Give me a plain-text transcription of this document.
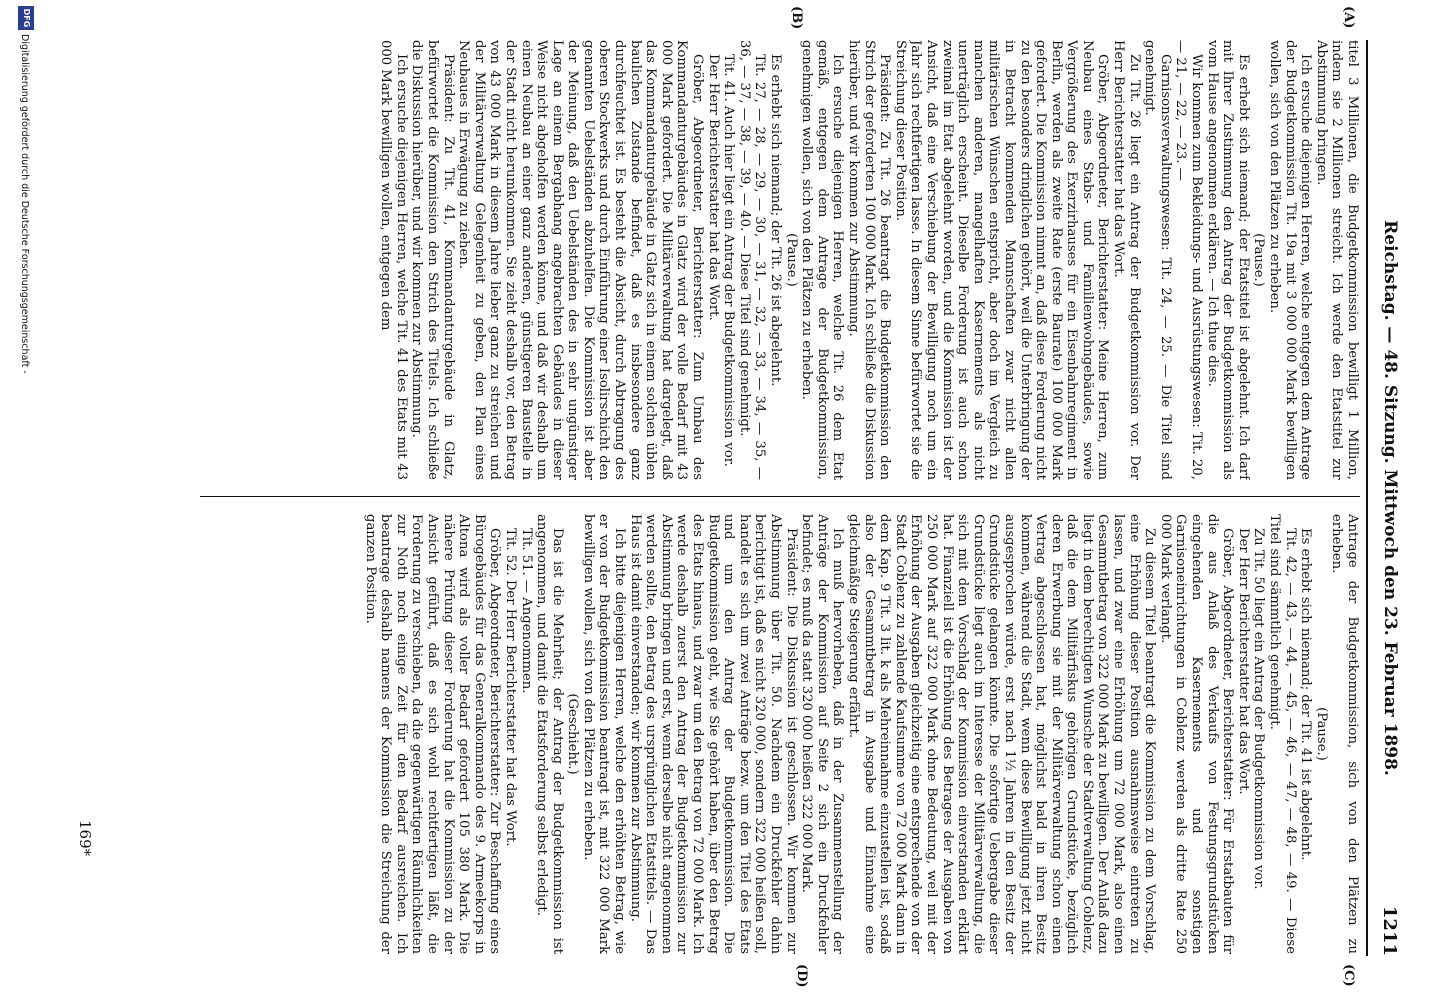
Reichstag. — 48. Sitzung. Mittwoch den 23. Februar 1898.
1211
(A)
(B)
(C)
(D)

titel 3 Millionen, die Budgetkommission bewilligt 1 Million, indem sie 2 Millionen streicht. Ich werde den Etatstitel zur Abstimmung bringen.

Ich ersuche diejenigen Herren, welche entgegen dem Antrage der Budgetkommission Tit. 19a mit 3 000 000 Mark bewilligen wollen, sich von den Plätzen zu erheben.

(Pause.)

Es erhebt sich niemand; der Etatstitel ist abgelehnt. Ich darf mit Ihrer Zustimmung den Antrag der Budgetkommission als vom Hause angenommen erklären. — Ich thue dies.

Wir kommen zum Bekleidungs- und Ausrüstungswesen: Tit. 20, — 21, — 22, — 23. —

Garnisonsverwaltungswesen: Tit. 24, — 25. — Die Titel sind genehmigt.

Zu Tit. 26 liegt ein Antrag der Budgetkommission vor. Der Herr Berichterstatter hat das Wort.

Gröber, Abgeordneter, Berichterstatter: Meine Herren, zum Neubau eines Stabs- und Familienwohngebäudes, sowie Vergrößerung des Exerzirhauses für ein Eisenbahnregiment in Berlin, werden als zweite Rate (erste Baurate) 100 000 Mark gefordert. Die Kommission nimmt an, daß diese Forderung nicht zu den besonders dringlichen gehört, weil die Unterbringung der in Betracht kommenden Mannschaften zwar nicht allen militärischen Wünschen entspricht, aber doch im Vergleich zu manchen anderen, mangelhaften Kasernements als nicht unerträglich erscheint. Dieselbe Forderung ist auch schon zweimal im Etat abgelehnt worden, und die Kommission ist der Ansicht, daß eine Verschiebung der Bewilligung noch um ein Jahr sich rechtfertigen lasse. In diesem Sinne befürwortet sie die Streichung dieser Position.

Präsident: Zu Tit. 26 beantragt die Budgetkommission den Strich der geforderten 100 000 Mark. Ich schließe die Diskussion hierüber, und wir kommen zur Abstimmung.

Ich ersuche diejenigen Herren, welche Tit. 26 dem Etat gemäß, entgegen dem Antrage der Budgetkommission, genehmigen wollen, sich von den Plätzen zu erheben.

(Pause.)

Es erhebt sich niemand; der Tit. 26 ist abgelehnt.

Tit. 27, — 28, — 29, — 30, — 31, — 32, — 33, — 34, — 35, — 36, — 37, — 38, — 39, — 40. — Diese Titel sind genehmigt.

Tit. 41. Auch hier liegt ein Antrag der Budgetkommission vor.

Der Herr Berichterstatter hat das Wort.

Gröber, Abgeordneter, Berichterstatter: Zum Umbau des Kommandanturgebäudes in Glatz wird der volle Bedarf mit 43 000 Mark gefordert. Die Militärverwaltung hat dargelegt, daß das Kommandanturgebäude in Glatz sich in einem solchen üblen baulichen Zustande befindet, daß es insbesondere ganz durchfeuchtet ist. Es besteht die Absicht, durch Abtragung des oberen Stockwerks und durch Einführung einer Isolirschicht den genannten Uebelständen abzuhelfen. Die Kommission ist aber der Meinung, daß den Uebelständen des in sehr ungünstiger Lage an einem Bergabhang angebrachten Gebäudes in dieser Weise nicht abgeholfen werden könne, und daß wir deshalb um einen Neubau an einer ganz anderen, günstigeren Baustelle in der Stadt nicht herumkommen. Sie zieht deshalb vor, den Betrag von 43 000 Mark in diesem Jahre lieber ganz zu streichen und der Militärverwaltung Gelegenheit zu geben, den Plan eines Neubaues in Erwägung zu ziehen.

Präsident: Zu Tit. 41, Kommandanturgebäude in Glatz, befürwortet die Kommission den Strich des Titels. Ich schließe die Diskussion hierüber, und wir kommen zur Abstimmung.

Ich ersuche diejenigen Herren, welche Tit. 41 des Etats mit 43 000 Mark bewilligen wollen, entgegen dem

Antrage der Budgetkommission, sich von den Plätzen zu erheben.

(Pause.)

Es erhebt sich niemand; der Tit. 41 ist abgelehnt.

Tit. 42, — 43, — 44, — 45, — 46, — 47, — 48, — 49. — Diese Titel sind sämmtlich genehmigt.

Zu Tit. 50 liegt ein Antrag der Budgetkommission vor.

Der Herr Berichterstatter hat das Wort.

Gröber, Abgeordneter, Berichterstatter: Für Erstatbauten für die aus Anlaß des Verkaufs von Festungsgrundstücken eingehenden Kasernements und sonstigen Garnisoneinrichtungen in Coblenz werden als dritte Rate 250 000 Mark verlangt.

Zu diesem Titel beantragt die Kommission zu dem Vorschlag, eine Erhöhung dieser Position ausnahmsweise eintreten zu lassen, und zwar eine Erhöhung um 72 000 Mark, also einen Gesammtbetrag von 322 000 Mark zu bewilligen. Der Anlaß dazu liegt in dem berechtigten Wunsche der Stadtverwaltung Coblenz, daß die dem Militärfiskus gehörigen Grundstücke, bezüglich deren Erwerbung sie mit der Militärverwaltung schon einen Vertrag abgeschlossen hat, möglichst bald in ihren Besitz kommen, während die Stadt, wenn diese Bewilligung jetzt nicht ausgesprochen würde, erst nach 1½ Jahren in den Besitz der Grundstücke gelangen könnte. Die sofortige Uebergabe dieser Grundstücke liegt auch im Interesse der Militärverwaltung, die sich mit dem Vorschlag der Kommission einverstanden erklärt hat. Finanziell ist die Erhöhung des Betrages der Ausgaben von 250 000 Mark auf 322 000 Mark ohne Bedeutung, weil mit der Erhöhung der Ausgaben gleichzeitig eine entsprechende von der Stadt Coblenz zu zahlende Kaufsumme von 72 000 Mark dann in dem Kap. 9 Tit. 3 lit. k als Mehreinnahme einzustellen ist, sodaß also der Gesammtbetrag in Ausgabe und Einnahme eine gleichmäßige Steigerung erfährt.

Ich muß hervorheben, daß in der Zusammenstellung der Anträge der Kommission auf Seite 2 sich ein Druckfehler befindet; es muß da statt 320 000 heißen 322 000 Mark.

Präsident: Die Diskussion ist geschlossen. Wir kommen zur Abstimmung über Tit. 50. Nachdem ein Druckfehler dahin berichtigt ist, daß es nicht 320 000, sondern 322 000 heißen soll, handelt es sich um zwei Anträge bezw. um den Titel des Etats und um den Antrag der Budgetkommission. Die Budgetkommission geht, wie Sie gehört haben, über den Betrag des Etats hinaus, und zwar um den Betrag von 72 000 Mark. Ich werde deshalb zuerst den Antrag der Budgetkommission zur Abstimmung bringen und erst, wenn derselbe nicht angenommen werden sollte, den Betrag des ursprünglichen Etatstitels. — Das Haus ist damit einverstanden; wir kommen zur Abstimmung.

Ich bitte diejenigen Herren, welche den erhöhten Betrag, wie er von der Budgetkommission beantragt ist, mit 322 000 Mark bewilligen wollen, sich von den Plätzen zu erheben.

(Geschieht.)

Das ist die Mehrheit; der Antrag der Budgetkommission ist angenommen, und damit die Etatsforderung selbst erledigt.

Tit. 51. — Angenommen.

Tit. 52. Der Herr Berichterstatter hat das Wort.

Gröber, Abgeordneter, Berichterstatter: Zur Beschaffung eines Bürogebäudes für das Generalkommando des 9. Armeekorps in Altona wird als voller Bedarf gefordert 105 380 Mark. Die nähere Prüfung dieser Forderung hat die Kommission zu der Ansicht geführt, daß es sich wohl rechtfertigen läßt, die Forderung zu verschieben, da die gegenwärtigen Räumlichkeiten zur Noth noch einige Zeit für den Bedarf ausreichen. Ich beantrage deshalb namens der Kommission die Streichung der ganzen Position.

169*
DFG
Digitalisierung gefördert durch die Deutsche Forschungsgemeinschaft -
